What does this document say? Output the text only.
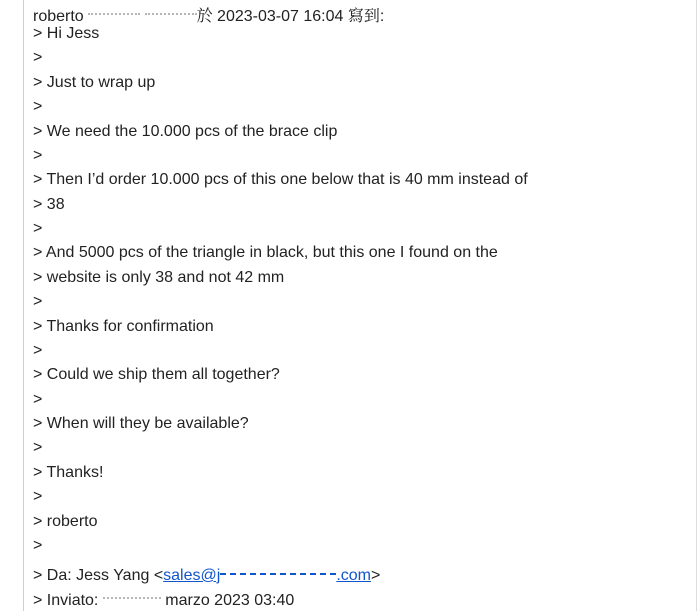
roberto	於 2023-03-07 16:04 寫到:
> Hi Jess
>
> Just to wrap up
>
> We need the 10.000 pcs of the brace clip
>
> Then I’d order 10.000 pcs of this one below that is 40 mm instead of
> 38
>
> And 5000 pcs of the triangle in black, but this one I found on the
> website is only 38 and not 42 mm
>
> Thanks for confirmation
>
> Could we ship them all together?
>
> When will they be available?
>
> Thanks!
>
> roberto
>
> Da: Jess Yang <sales@j	.com>
> Inviato:	marzo 2023 03:40
